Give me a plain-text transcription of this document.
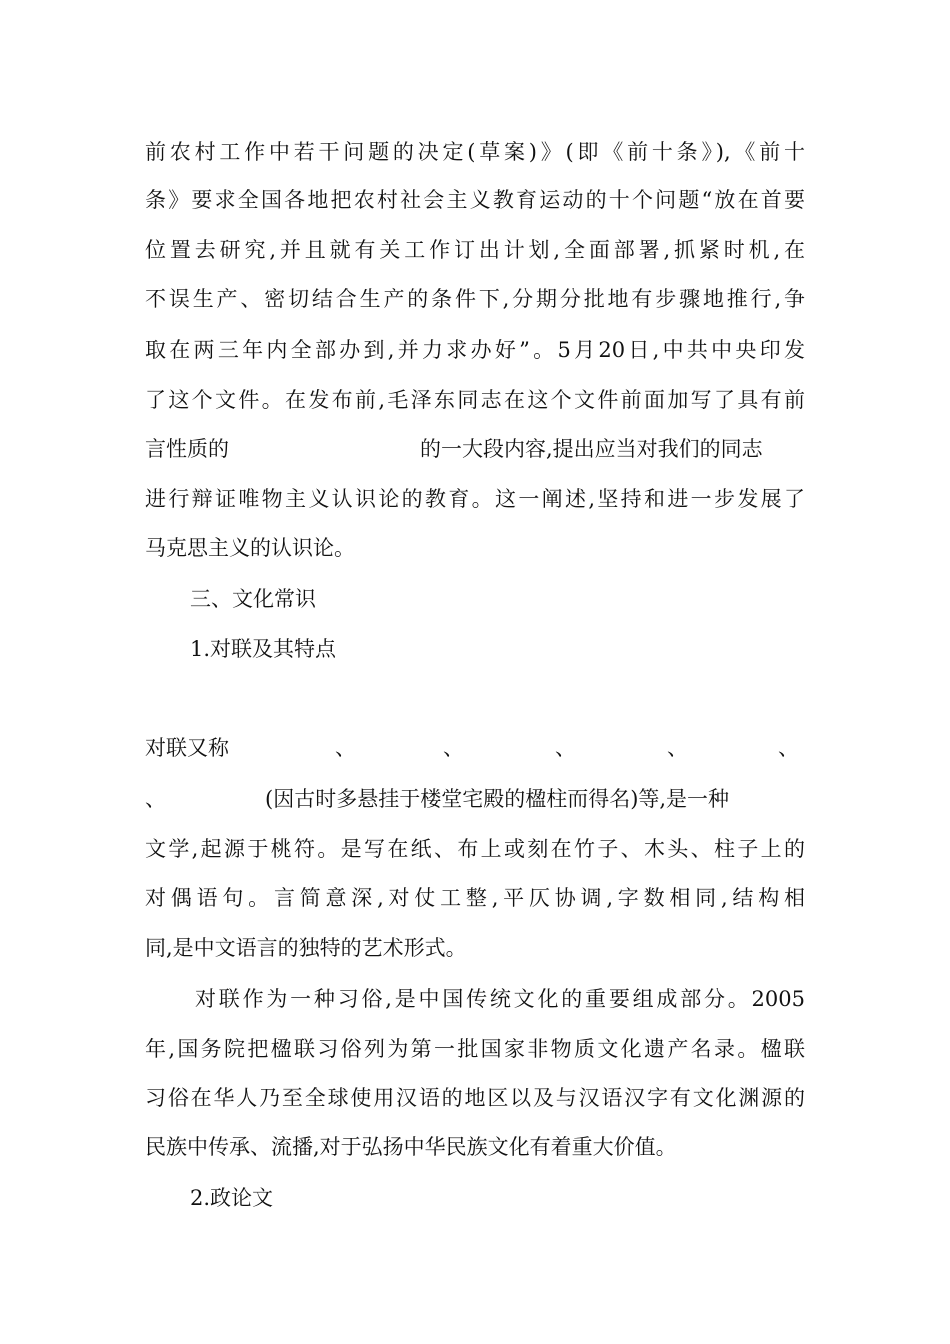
前农村工作中若干问题的决定(草案)》(即《前十条》),《前十
条》要求全国各地把农村社会主义教育运动的十个问题“放在首要
位置去研究,并且就有关工作订出计划,全面部署,抓紧时机,在
不误生产、密切结合生产的条件下,分期分批地有步骤地推行,争
取在两三年内全部办到,并力求办好”。5月20日,中共中央印发
了这个文件。在发布前,毛泽东同志在这个文件前面加写了具有前
言性质的	的一大段内容,提出应当对我们的同志
进行辩证唯物主义认识论的教育。这一阐述,坚持和进一步发展了
马克思主义的认识论。
三、文化常识
1.对联及其特点
对联又称	、	、	、	、	、
、	(因古时多悬挂于楼堂宅殿的楹柱而得名)等,是一种
文学,起源于桃符。是写在纸、布上或刻在竹子、木头、柱子上的
对偶语句。言简意深,对仗工整,平仄协调,字数相同,结构相
同,是中文语言的独特的艺术形式。
对联作为一种习俗,是中国传统文化的重要组成部分。2005
年,国务院把楹联习俗列为第一批国家非物质文化遗产名录。楹联
习俗在华人乃至全球使用汉语的地区以及与汉语汉字有文化渊源的
民族中传承、流播,对于弘扬中华民族文化有着重大价值。
2.政论文
